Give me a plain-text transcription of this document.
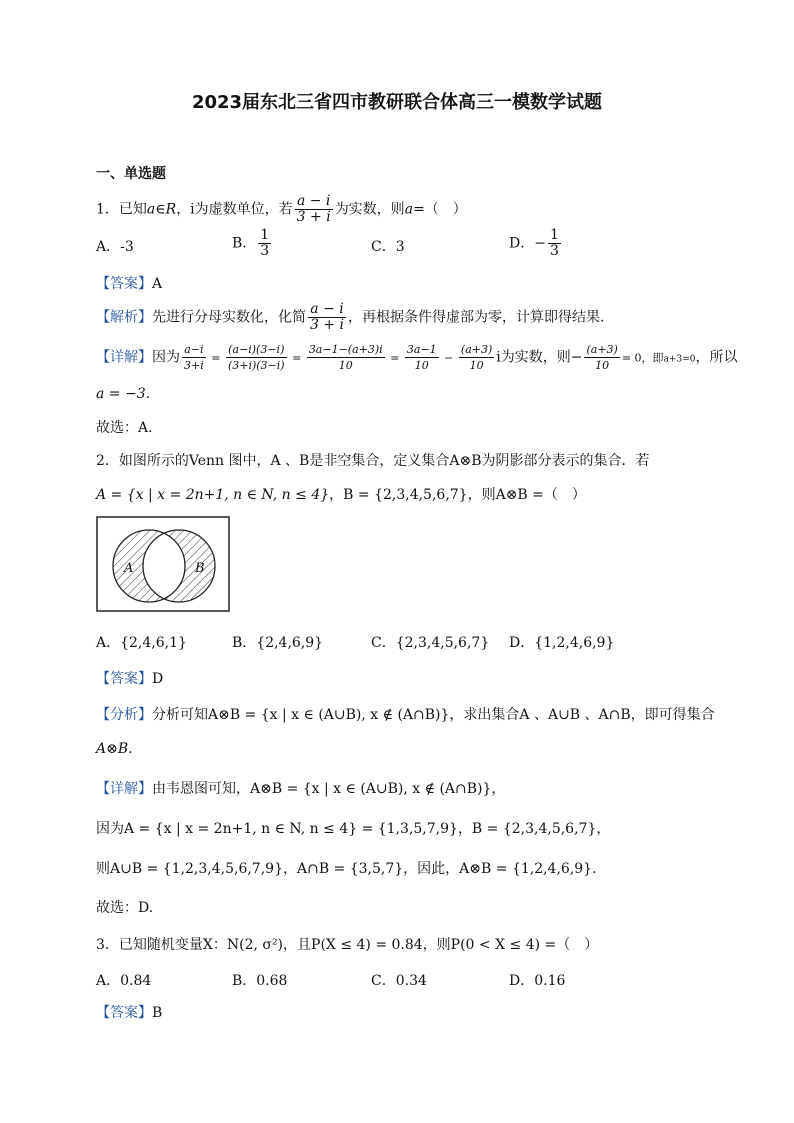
2023届东北三省四市教研联合体高三一模数学试题
一、单选题
1．已知a∈R，i为虚数单位，若 $\frac{a - i}{3 + i}$ 为实数，则a=（　）
A．-3	B． $\frac{1}{3}$	C．3	D．− $\frac{1}{3}$
【答案】A
【解析】先进行分母实数化，化简 $\frac{a - i}{3 + i}$ ，再根据条件得虚部为零，计算即得结果.
【详解】因为 $\frac{a-i}{3+i} = \frac{(a-i)(3-i)}{(3+i)(3-i)} = \frac{3a-1-(a+3)i}{10} = \frac{3a-1}{10} - \frac{(a+3)}{10}$ i为实数，则− $\frac{(a+3)}{10} = 0$，即a+3=0，所以
a = −3.
故选：A.
2．如图所示的Venn 图中，A 、B是非空集合，定义集合A⊗B为阴影部分表示的集合．若
A = {x | x = 2n+1, n ∈ N, n ≤ 4}，B = {2,3,4,5,6,7}，则A⊗B =（　）
A	B
A．{2,4,6,1}	B．{2,4,6,9}	C．{2,3,4,5,6,7} D．{1,2,4,6,9}
【答案】D
【分析】分析可知A⊗B = {x | x ∈ (A∪B), x ∉ (A∩B)}，求出集合A 、A∪B 、A∩B，即可得集合
A⊗B.
【详解】由韦恩图可知，A⊗B = {x | x ∈ (A∪B), x ∉ (A∩B)}，
因为A = {x | x = 2n+1, n ∈ N, n ≤ 4} = {1,3,5,7,9}，B = {2,3,4,5,6,7}，
则A∪B = {1,2,3,4,5,6,7,9}，A∩B = {3,5,7}，因此，A⊗B = {1,2,4,6,9}.
故选：D.
3．已知随机变量X：N(2, σ²)，且P(X ≤ 4) = 0.84，则P(0 < X ≤ 4) =（　）
A．0.84	B．0.68	C．0.34	D．0.16
【答案】B
